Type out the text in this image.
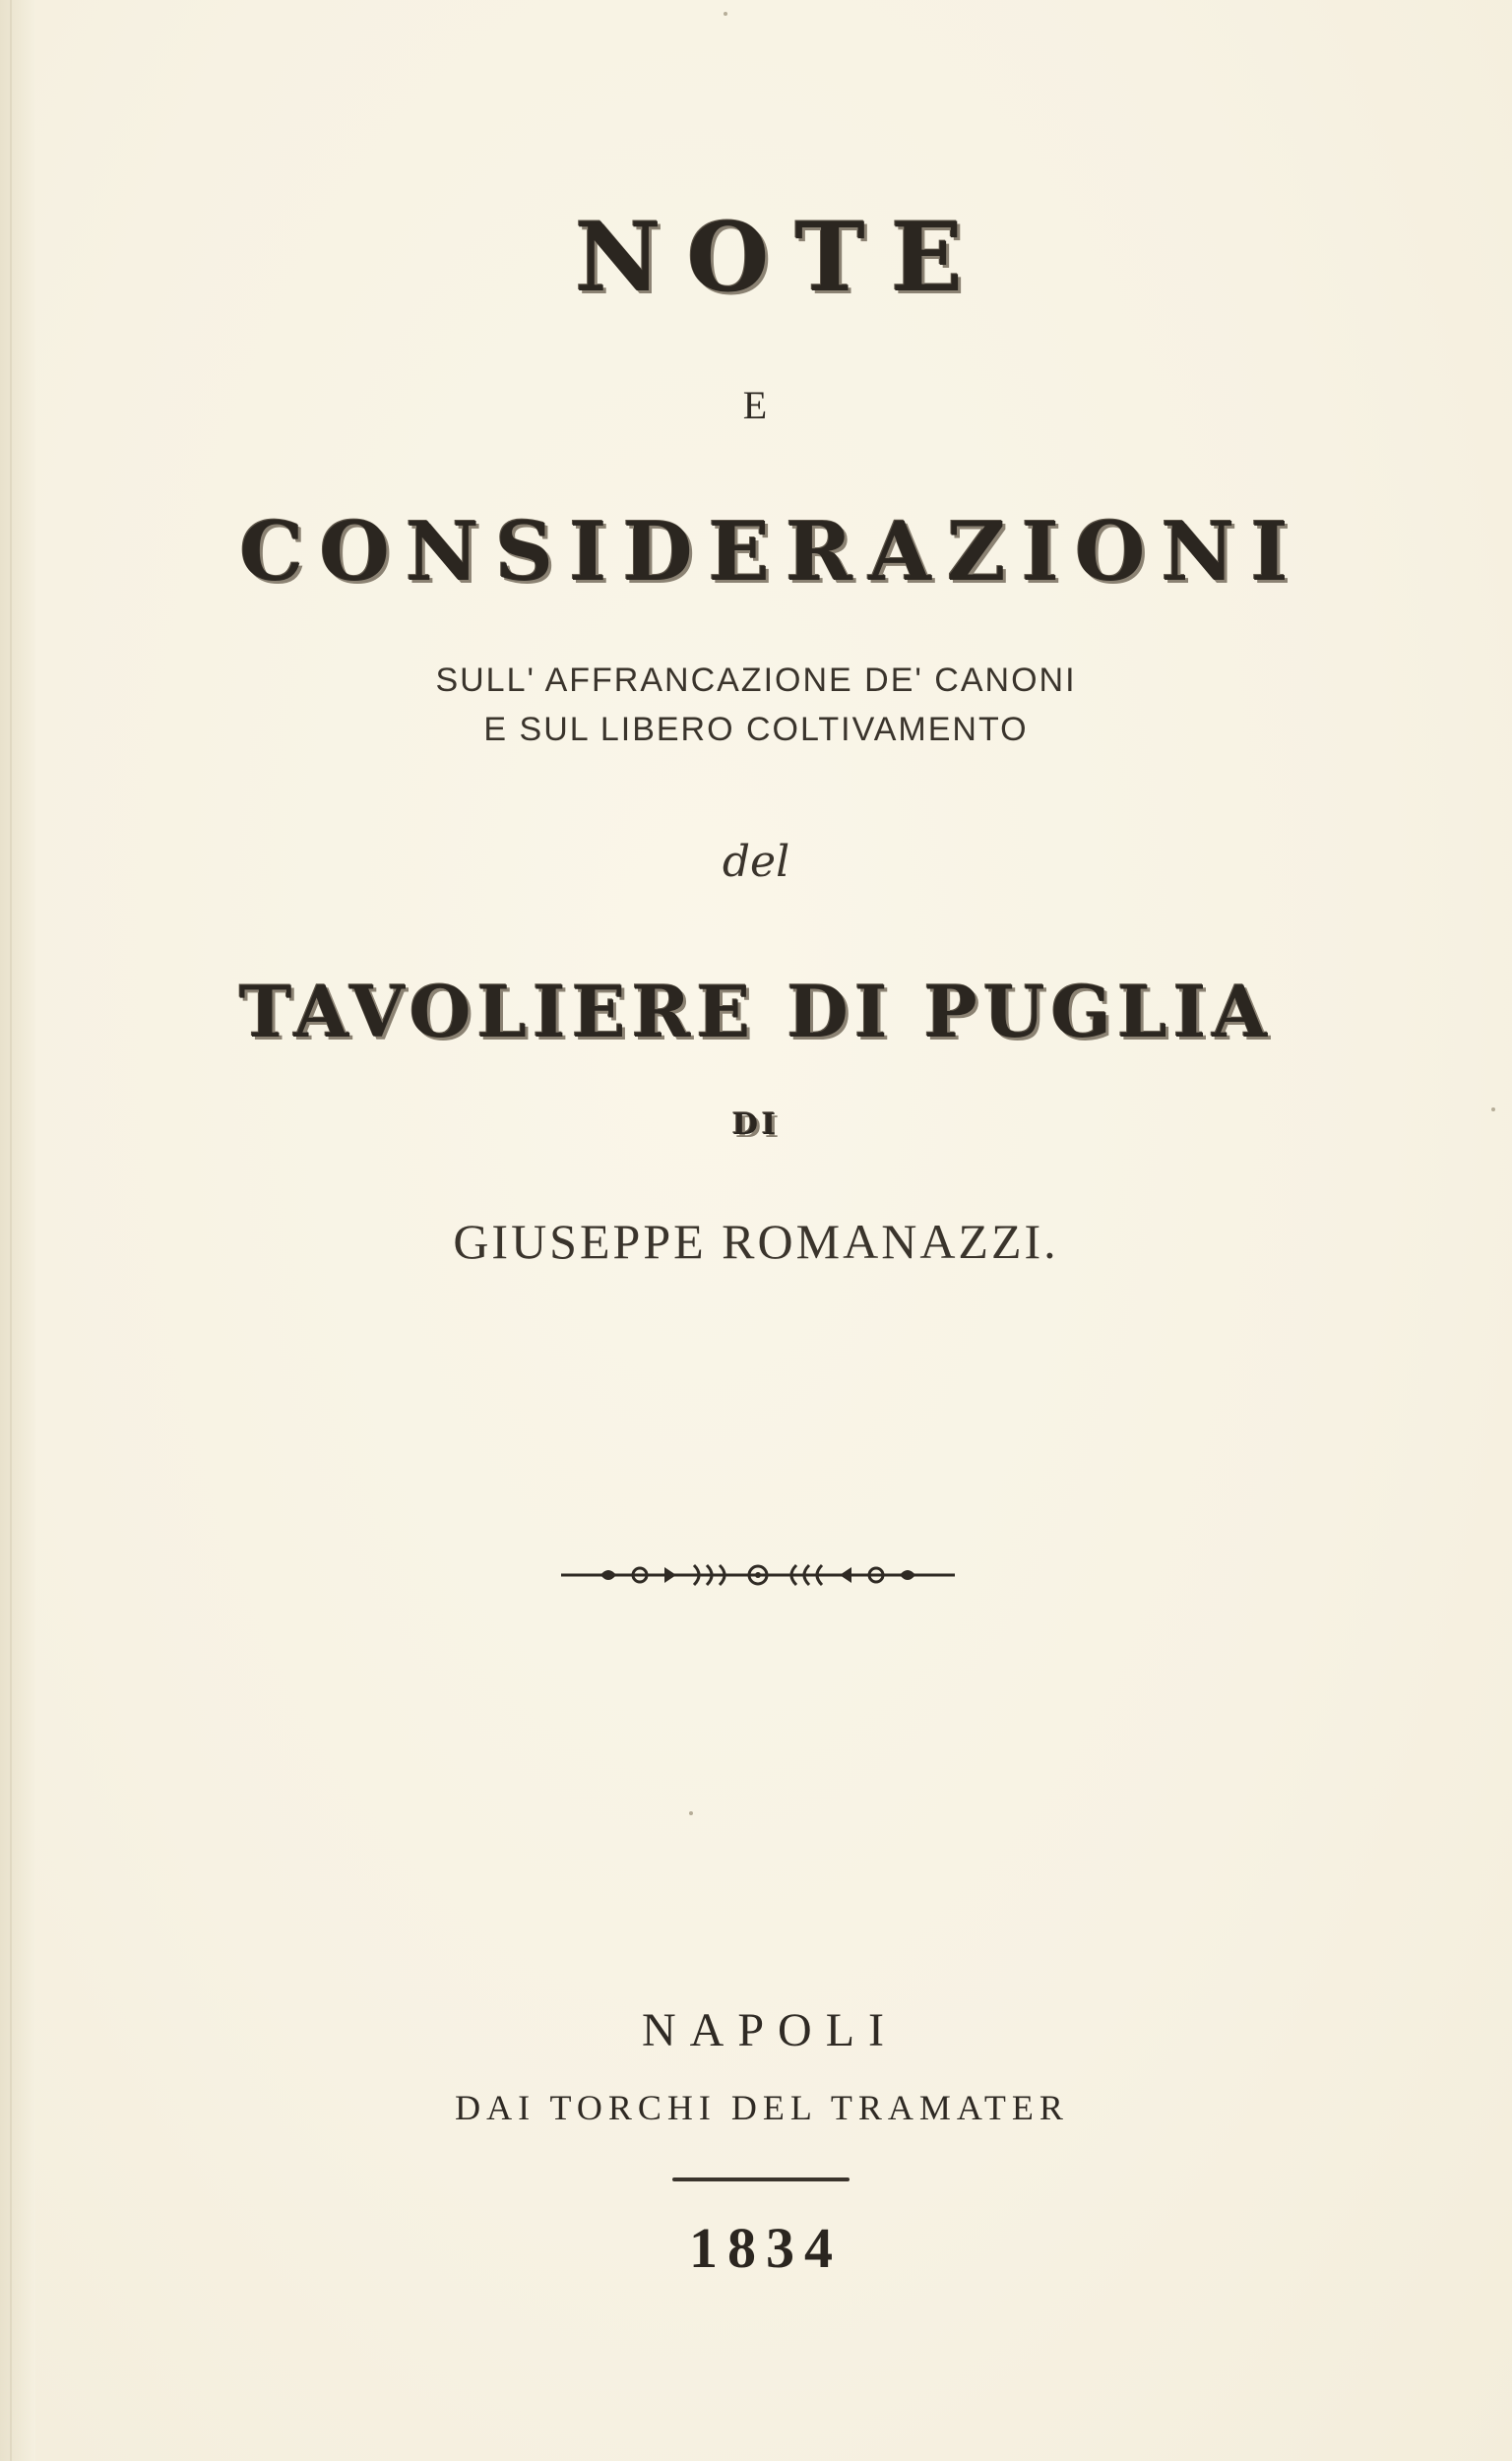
NOTE
E
CONSIDERAZIONI
SULL' AFFRANCAZIONE DE' CANONI
E SUL LIBERO COLTIVAMENTO
del
TAVOLIERE DI PUGLIA
DI
GIUSEPPE ROMANAZZI.
NAPOLI
DAI TORCHI DEL TRAMATER
1834
